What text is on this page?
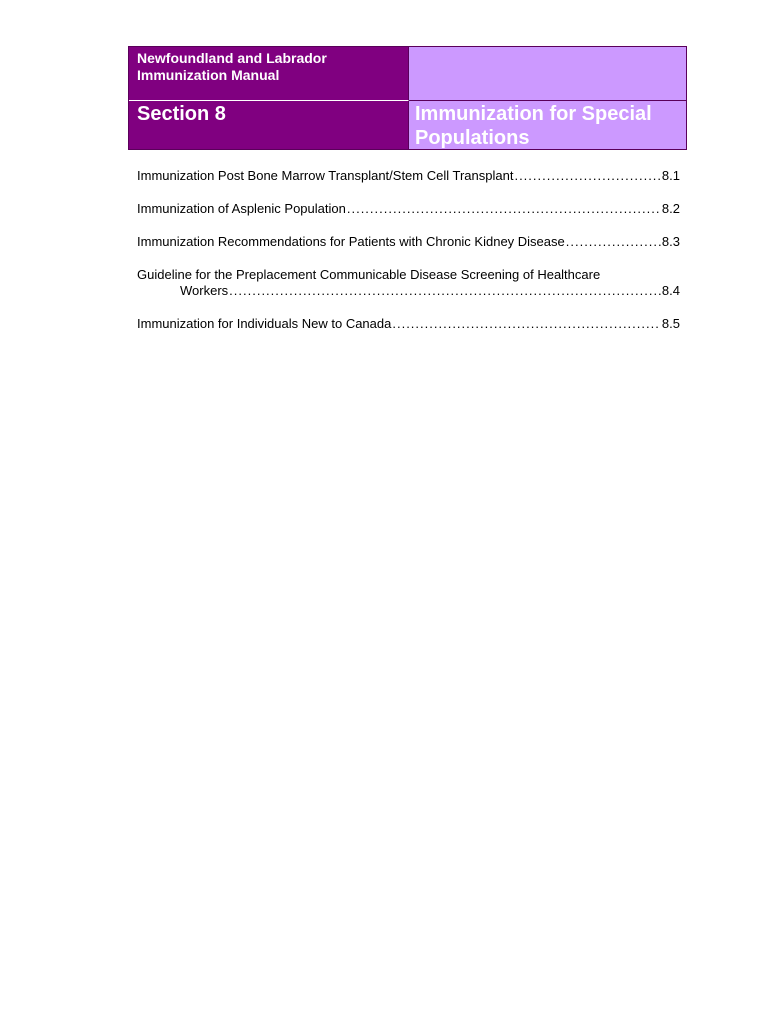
Newfoundland and Labrador
Immunization Manual
Section 8	Immunization for Special
Populations
Immunization Post Bone Marrow Transplant/Stem Cell Transplant .....	8.1
Immunization of Asplenic Population .....	8.2
Immunization Recommendations for Patients with Chronic Kidney Disease .....	8.3
Guideline for the Preplacement Communicable Disease Screening of Healthcare
Workers .....	8.4
Immunization for Individuals New to Canada .....	8.5
